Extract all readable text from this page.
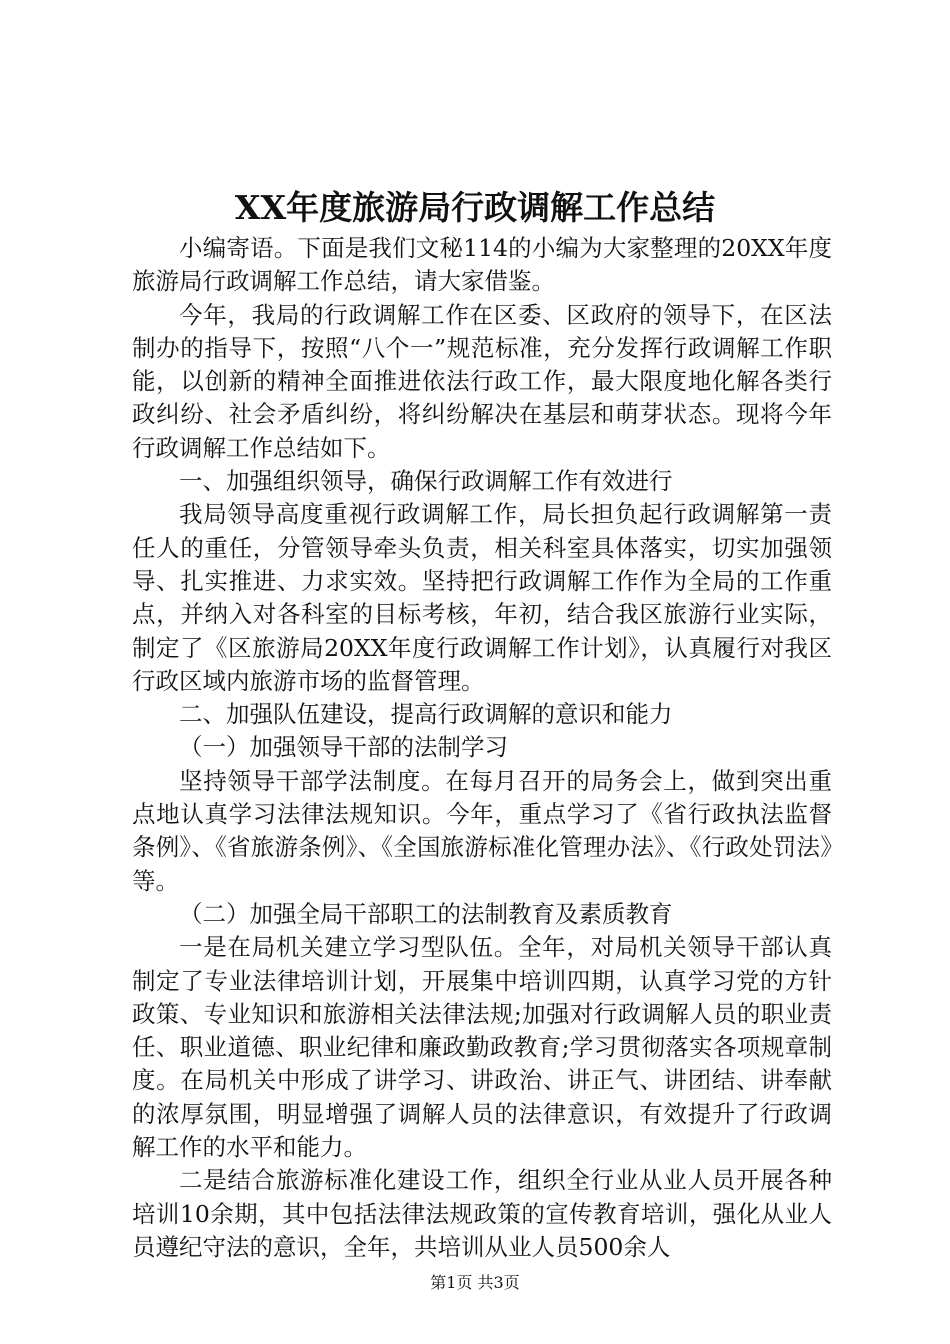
XX年度旅游局行政调解工作总结

小编寄语。下面是我们文秘114的小编为大家整理的20XX年度旅游局行政调解工作总结，请大家借鉴。

今年，我局的行政调解工作在区委、区政府的领导下，在区法制办的指导下，按照“八个一”规范标准，充分发挥行政调解工作职能，以创新的精神全面推进依法行政工作，最大限度地化解各类行政纠纷、社会矛盾纠纷，将纠纷解决在基层和萌芽状态。现将今年行政调解工作总结如下。

一、加强组织领导，确保行政调解工作有效进行

我局领导高度重视行政调解工作，局长担负起行政调解第一责任人的重任，分管领导牵头负责，相关科室具体落实，切实加强领导、扎实推进、力求实效。坚持把行政调解工作作为全局的工作重点，并纳入对各科室的目标考核，年初，结合我区旅游行业实际，制定了《区旅游局20XX年度行政调解工作计划》，认真履行对我区行政区域内旅游市场的监督管理。

二、加强队伍建设，提高行政调解的意识和能力

（一）加强领导干部的法制学习

坚持领导干部学法制度。在每月召开的局务会上，做到突出重点地认真学习法律法规知识。今年，重点学习了《省行政执法监督条例》、《省旅游条例》、《全国旅游标准化管理办法》、《行政处罚法》等。

（二）加强全局干部职工的法制教育及素质教育

一是在局机关建立学习型队伍。全年，对局机关领导干部认真制定了专业法律培训计划，开展集中培训四期，认真学习党的方针政策、专业知识和旅游相关法律法规;加强对行政调解人员的职业责任、职业道德、职业纪律和廉政勤政教育;学习贯彻落实各项规章制度。在局机关中形成了讲学习、讲政治、讲正气、讲团结、讲奉献的浓厚氛围，明显增强了调解人员的法律意识，有效提升了行政调解工作的水平和能力。

二是结合旅游标准化建设工作，组织全行业从业人员开展各种培训10余期，其中包括法律法规政策的宣传教育培训，强化从业人员遵纪守法的意识，全年，共培训从业人员500余人

第1页 共3页
